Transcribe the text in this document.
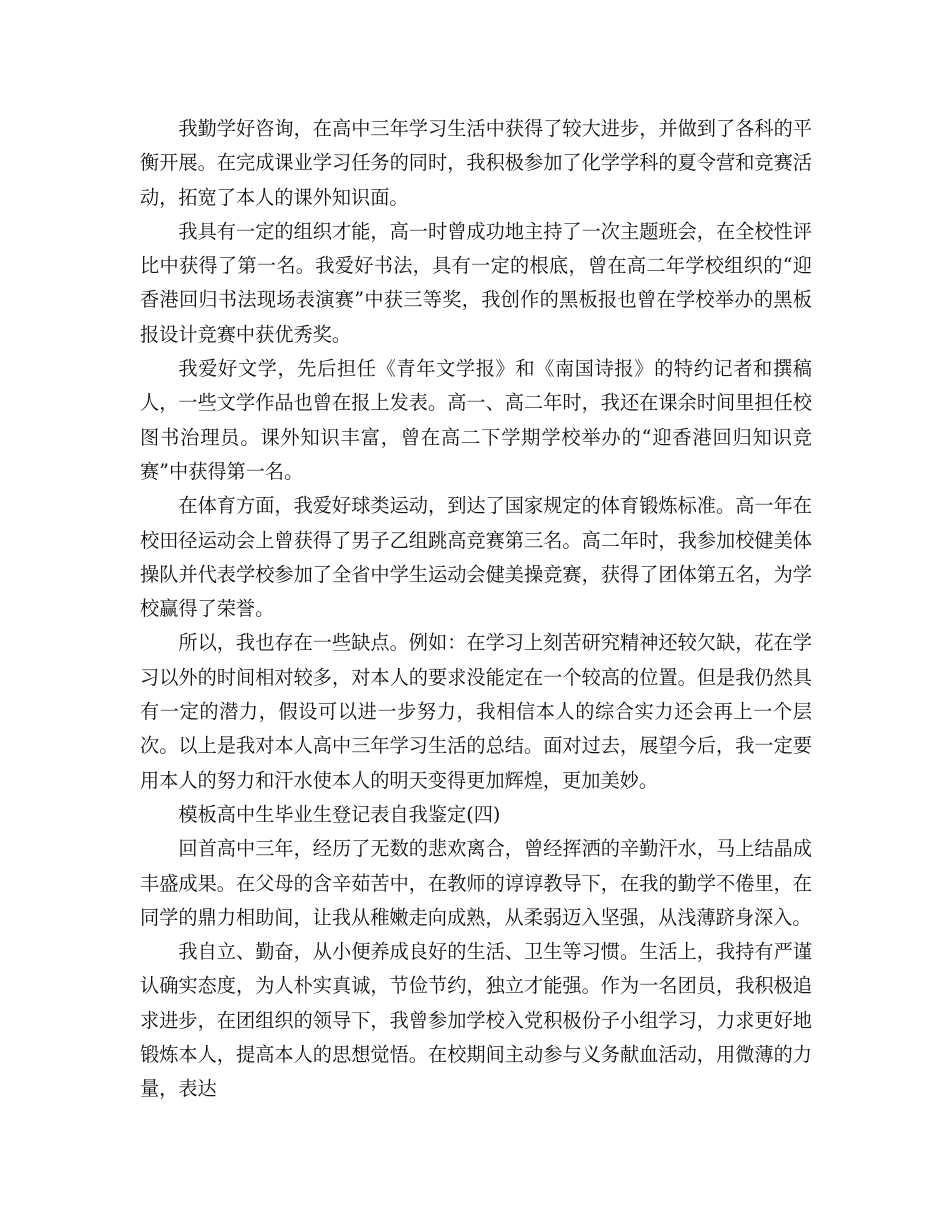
我勤学好咨询，在高中三年学习生活中获得了较大进步，并做到了各科的平衡开展。在完成课业学习任务的同时，我积极参加了化学学科的夏令营和竞赛活动，拓宽了本人的课外知识面。

我具有一定的组织才能，高一时曾成功地主持了一次主题班会，在全校性评比中获得了第一名。我爱好书法，具有一定的根底，曾在高二年学校组织的“迎香港回归书法现场表演赛”中获三等奖，我创作的黑板报也曾在学校举办的黑板报设计竞赛中获优秀奖。

我爱好文学，先后担任《青年文学报》和《南国诗报》的特约记者和撰稿人，一些文学作品也曾在报上发表。高一、高二年时，我还在课余时间里担任校图书治理员。课外知识丰富，曾在高二下学期学校举办的“迎香港回归知识竞赛”中获得第一名。

在体育方面，我爱好球类运动，到达了国家规定的体育锻炼标准。高一年在校田径运动会上曾获得了男子乙组跳高竞赛第三名。高二年时，我参加校健美体操队并代表学校参加了全省中学生运动会健美操竞赛，获得了团体第五名，为学校赢得了荣誉。

所以，我也存在一些缺点。例如：在学习上刻苦研究精神还较欠缺，花在学习以外的时间相对较多，对本人的要求没能定在一个较高的位置。但是我仍然具有一定的潜力，假设可以进一步努力，我相信本人的综合实力还会再上一个层次。以上是我对本人高中三年学习生活的总结。面对过去，展望今后，我一定要用本人的努力和汗水使本人的明天变得更加辉煌，更加美妙。

模板高中生毕业生登记表自我鉴定(四)

回首高中三年，经历了无数的悲欢离合，曾经挥洒的辛勤汗水，马上结晶成丰盛成果。在父母的含辛茹苦中，在教师的谆谆教导下，在我的勤学不倦里，在同学的鼎力相助间，让我从稚嫩走向成熟，从柔弱迈入坚强，从浅薄跻身深入。

我自立、勤奋，从小便养成良好的生活、卫生等习惯。生活上，我持有严谨认确实态度，为人朴实真诚，节俭节约，独立才能强。作为一名团员，我积极追求进步，在团组织的领导下，我曾参加学校入党积极份子小组学习，力求更好地锻炼本人，提高本人的思想觉悟。在校期间主动参与义务献血活动，用微薄的力量，表达
